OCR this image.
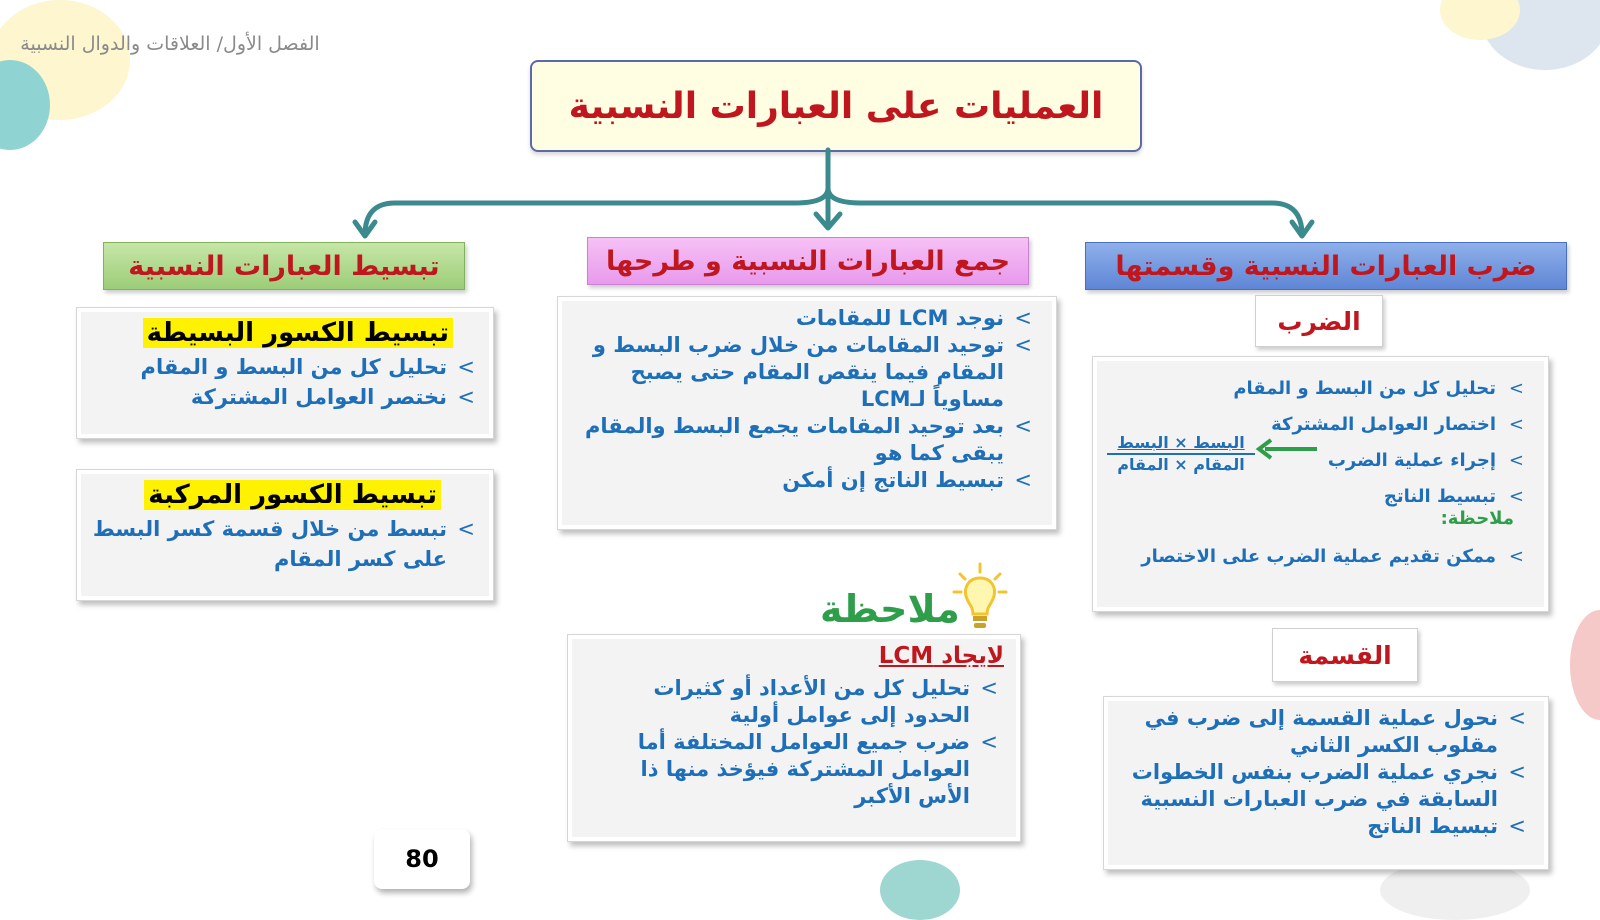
الفصل الأول/ العلاقات والدوال النسبية
العمليات على العبارات النسبية
ضرب العبارات النسبية وقسمتها
جمع العبارات النسبية و طرحها
تبسيط العبارات النسبية
الضرب
>
تحليل كل من البسط و المقام
>
اختصار العوامل المشتركة
>
إجراء عملية الضرب
>
تبسيط الناتج
البسط × البسط
المقام × المقام
ملاحظة:
>
ممكن تقديم عملية الضرب على الاختصار
القسمة
>
نحول عملية القسمة إلى ضرب في مقلوب الكسر الثاني
>
نجري عملية الضرب بنفس الخطوات السابقة في ضرب العبارات النسبية
>
تبسيط الناتج
>
نوجد LCM للمقامات
>
توحيد المقامات من خلال ضرب البسط و المقام فيما ينقص المقام حتى يصبح مساوياً لـLCM
>
بعد توحيد المقامات يجمع البسط والمقام يبقى كما هو
>
تبسيط الناتج إن أمكن
ملاحظة
لايجاد LCM
>
تحليل كل من الأعداد أو كثيرات الحدود إلى عوامل أولية
>
ضرب جميع العوامل المختلفة أما العوامل المشتركة فيؤخذ منها ذا الأس الأكبر
تبسيط الكسور البسيطة
>
تحليل كل من البسط و المقام
>
نختصر العوامل المشتركة
تبسيط الكسور المركبة
>
تبسط من خلال قسمة كسر البسط على كسر المقام
80
